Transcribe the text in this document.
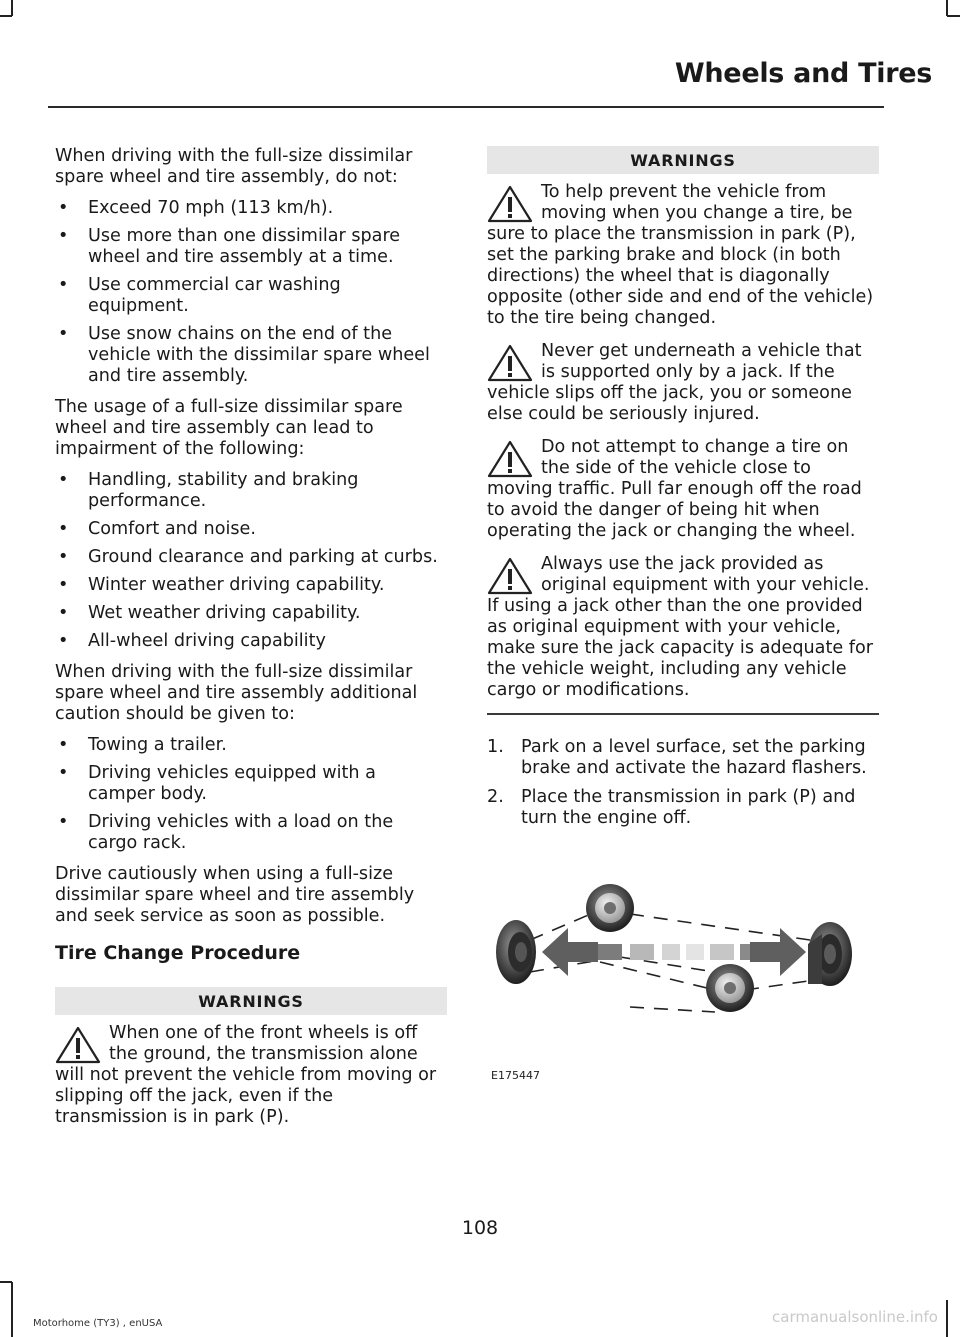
Wheels and Tires

When driving with the full-size dissimilar spare wheel and tire assembly, do not:

• Exceed 70 mph (113 km/h).
• Use more than one dissimilar spare wheel and tire assembly at a time.
• Use commercial car washing equipment.
• Use snow chains on the end of the vehicle with the dissimilar spare wheel and tire assembly.

The usage of a full-size dissimilar spare wheel and tire assembly can lead to impairment of the following:

• Handling, stability and braking performance.
• Comfort and noise.
• Ground clearance and parking at curbs.
• Winter weather driving capability.
• Wet weather driving capability.
• All-wheel driving capability

When driving with the full-size dissimilar spare wheel and tire assembly additional caution should be given to:

• Towing a trailer.
• Driving vehicles equipped with a camper body.
• Driving vehicles with a load on the cargo rack.

Drive cautiously when using a full-size dissimilar spare wheel and tire assembly and seek service as soon as possible.

Tire Change Procedure
WARNINGS
When one of the front wheels is off the ground, the transmission alone will not prevent the vehicle from moving or slipping off the jack, even if the transmission is in park (P).
WARNINGS
To help prevent the vehicle from moving when you change a tire, be sure to place the transmission in park (P), set the parking brake and block (in both directions) the wheel that is diagonally opposite (other side and end of the vehicle) to the tire being changed.
Never get underneath a vehicle that is supported only by a jack. If the vehicle slips off the jack, you or someone else could be seriously injured.
Do not attempt to change a tire on the side of the vehicle close to moving traffic. Pull far enough off the road to avoid the danger of being hit when operating the jack or changing the wheel.
Always use the jack provided as original equipment with your vehicle. If using a jack other than the one provided as original equipment with your vehicle, make sure the jack capacity is adequate for the vehicle weight, including any vehicle cargo or modifications.
1. Park on a level surface, set the parking brake and activate the hazard flashers.
2. Place the transmission in park (P) and turn the engine off.
E175447
108
Motorhome (TY3) , enUSA	carmanualsonline.info
